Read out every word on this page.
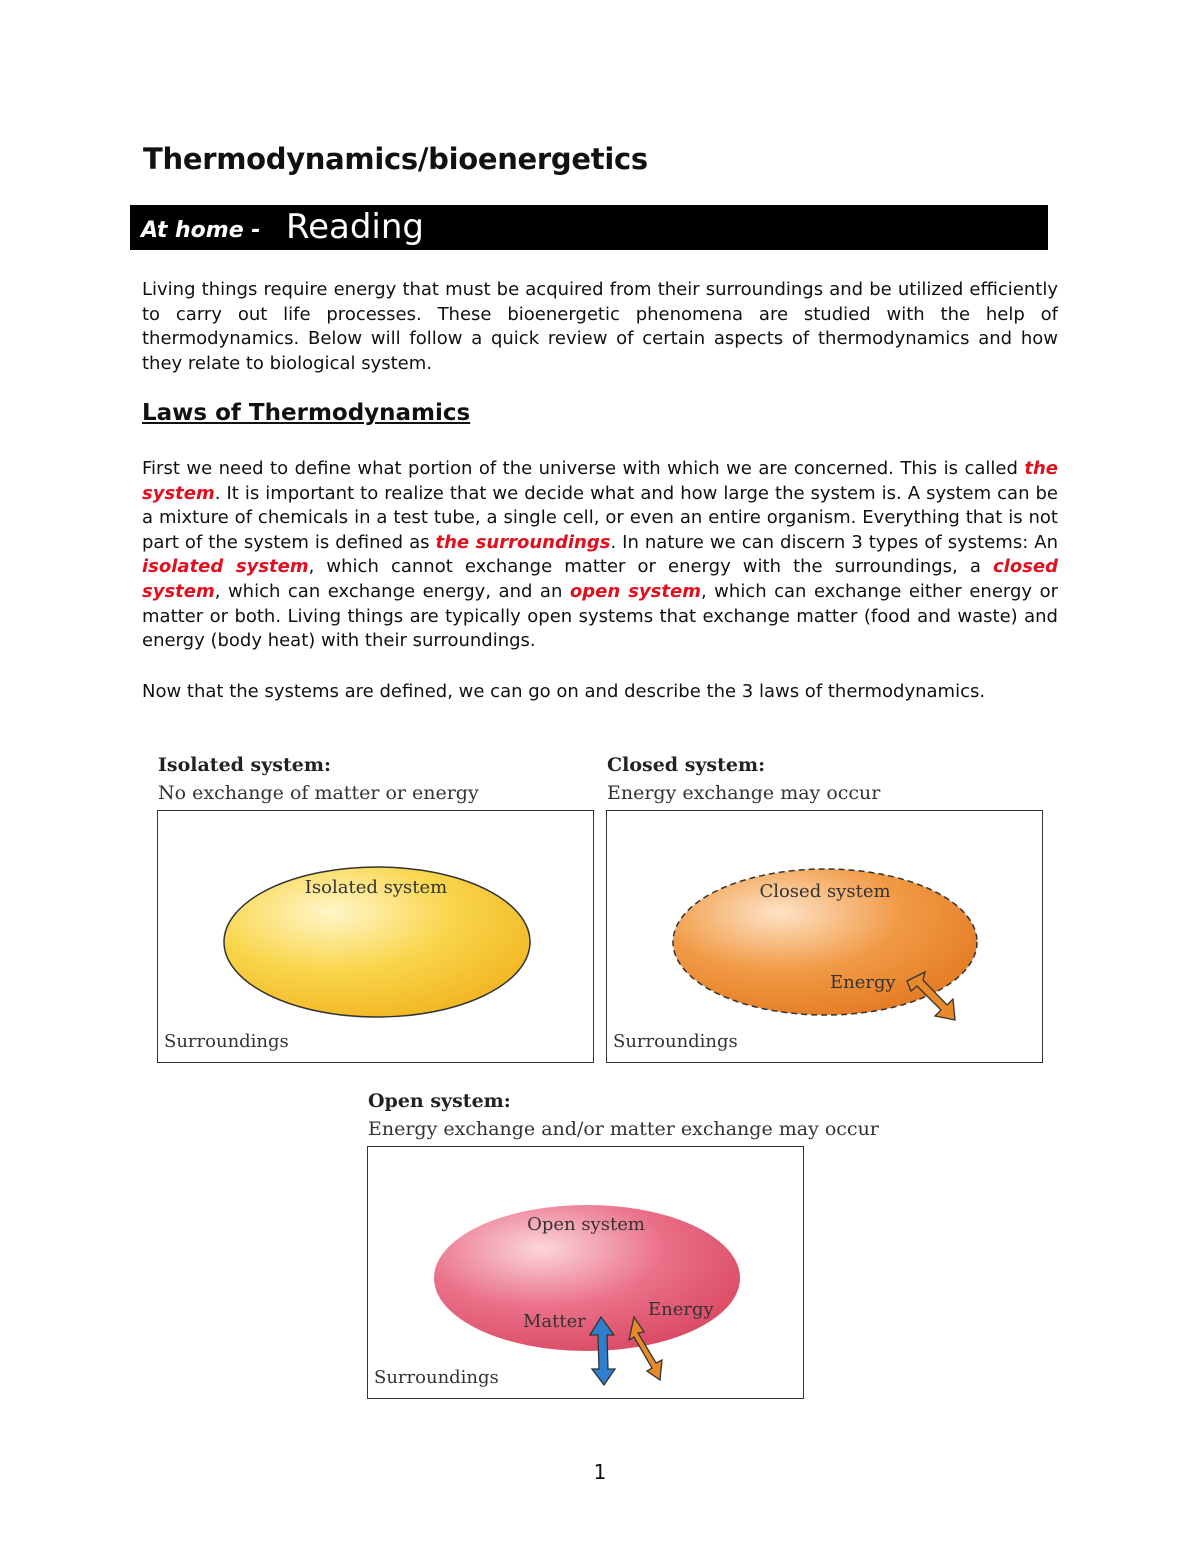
Thermodynamics/bioenergetics
At home - Reading
Living things require energy that must be acquired from their surroundings and be utilized efficiently to carry out life processes. These bioenergetic phenomena are studied with the help of thermodynamics. Below will follow a quick review of certain aspects of thermodynamics and how they relate to biological system.
Laws of Thermodynamics
First we need to define what portion of the universe with which we are concerned. This is called the system. It is important to realize that we decide what and how large the system is. A system can be a mixture of chemicals in a test tube, a single cell, or even an entire organism. Everything that is not part of the system is defined as the surroundings. In nature we can discern 3 types of systems: An isolated system, which cannot exchange matter or energy with the surroundings, a closed system, which can exchange energy, and an open system, which can exchange either energy or matter or both. Living things are typically open systems that exchange matter (food and waste) and energy (body heat) with their surroundings.
Now that the systems are defined, we can go on and describe the 3 laws of thermodynamics.
Isolated system:
No exchange of matter or energy
Isolated system
Surroundings
Closed system:
Energy exchange may occur
Closed system
Energy
Surroundings
Open system:
Energy exchange and/or matter exchange may occur
Open system
Matter
Energy
Surroundings
1
